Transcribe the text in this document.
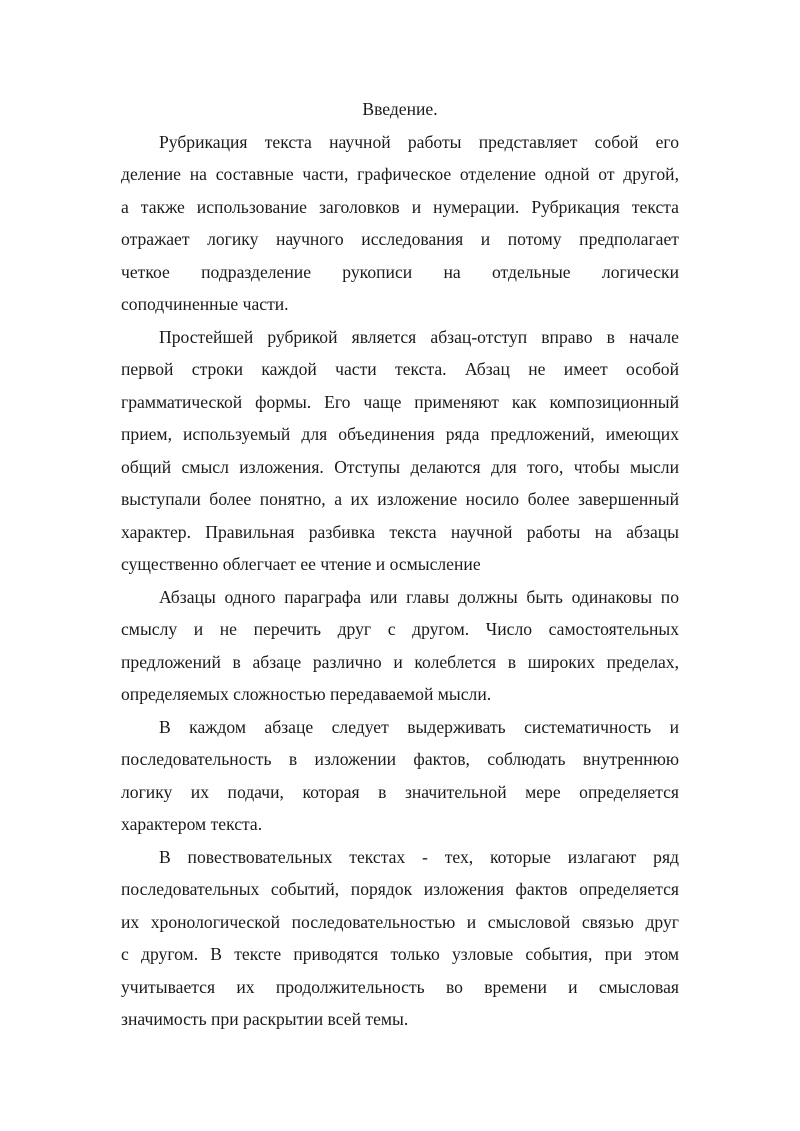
Введение.
Рубрикация текста научной работы представляет собой его
деление на составные части, графическое отделение одной от другой,
а также использование заголовков и нумерации. Рубрикация текста
отражает логику научного исследования и потому предполагает
четкое подразделение рукописи на отдельные логически
соподчиненные части.
Простейшей рубрикой является абзац-отступ вправо в начале
первой строки каждой части текста. Абзац не имеет особой
грамматической формы. Его чаще применяют как композиционный
прием, используемый для объединения ряда предложений, имеющих
общий смысл изложения. Отступы делаются для того, чтобы мысли
выступали более понятно, а их изложение носило более завершенный
характер. Правильная разбивка текста научной работы на абзацы
существенно облегчает ее чтение и осмысление
Абзацы одного параграфа или главы должны быть одинаковы по
смыслу и не перечить друг с другом. Число самостоятельных
предложений в абзаце различно и колеблется в широких пределах,
определяемых сложностью передаваемой мысли.
В каждом абзаце следует выдерживать систематичность и
последовательность в изложении фактов, соблюдать внутреннюю
логику их подачи, которая в значительной мере определяется
характером текста.
В повествовательных текстах - тех, которые излагают ряд
последовательных событий, порядок изложения фактов определяется
их хронологической последовательностью и смысловой связью друг
с другом. В тексте приводятся только узловые события, при этом
учитывается их продолжительность во времени и смысловая
значимость при раскрытии всей темы.
